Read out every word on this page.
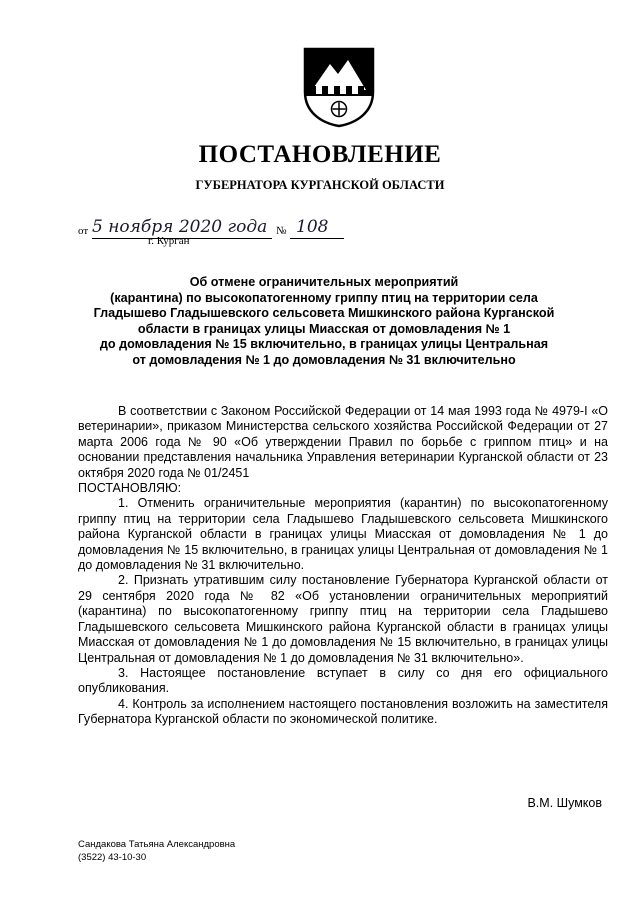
ПОСТАНОВЛЕНИЕ
ГУБЕРНАТОРА КУРГАНСКОЙ ОБЛАСТИ
от 5 ноября 2020 года № 108
г. Курган
Об отмене ограничительных мероприятий
(карантина) по высокопатогенному гриппу птиц на территории села
Гладышево Гладышевского сельсовета Мишкинского района Курганской
области в границах улицы Миасская от домовладения № 1
до домовладения № 15 включительно, в границах улицы Центральная
от домовладения № 1 до домовладения № 31 включительно

В соответствии с Законом Российской Федерации от 14 мая 1993 года № 4979-I «О ветеринарии», приказом Министерства сельского хозяйства Российской Федерации от 27 марта 2006 года № 90 «Об утверждении Правил по борьбе с гриппом птиц» и на основании представления начальника Управления ветеринарии Курганской области от 23 октября 2020 года № 01/2451

ПОСТАНОВЛЯЮ:

1. Отменить ограничительные мероприятия (карантин) по высокопатогенному гриппу птиц на территории села Гладышево Гладышевского сельсовета Мишкинского района Курганской области в границах улицы Миасская от домовладения № 1 до домовладения № 15 включительно, в границах улицы Центральная от домовладения № 1 до домовладения № 31 включительно.

2. Признать утратившим силу постановление Губернатора Курганской области от 29 сентября 2020 года № 82 «Об установлении ограничительных мероприятий (карантина) по высокопатогенному гриппу птиц на территории села Гладышево Гладышевского сельсовета Мишкинского района Курганской области в границах улицы Миасская от домовладения № 1 до домовладения № 15 включительно, в границах улицы Центральная от домовладения № 1 до домовладения № 31 включительно».

3. Настоящее постановление вступает в силу со дня его официального опубликования.

4. Контроль за исполнением настоящего постановления возложить на заместителя Губернатора Курганской области по экономической политике.

В.М. Шумков
Сандакова Татьяна Александровна
(3522) 43-10-30
